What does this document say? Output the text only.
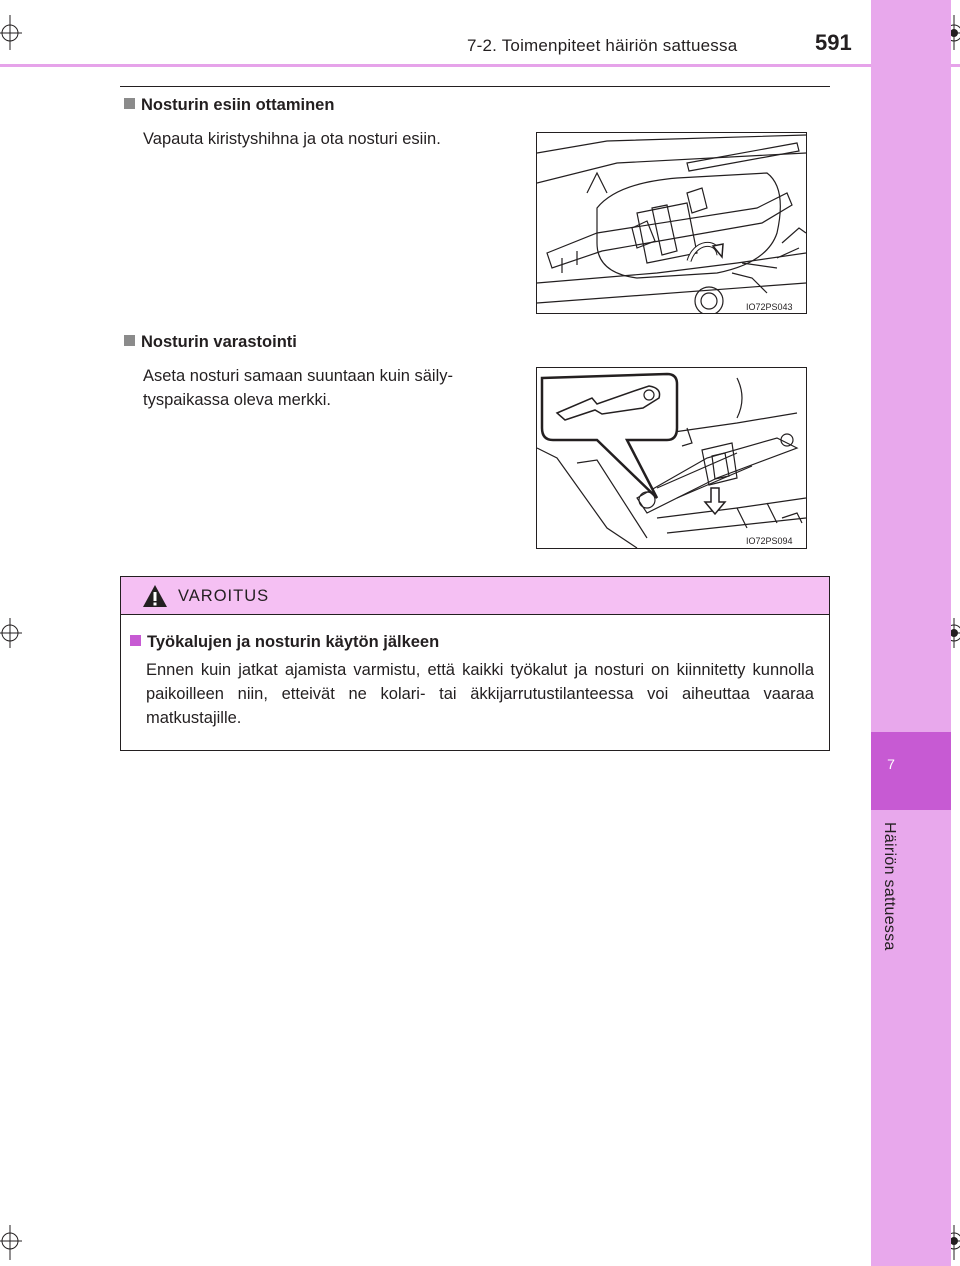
7-2. Toimenpiteet häiriön sattuessa	591
7
Häiriön sattuessa
Nosturin esiin ottaminen
Vapauta kiristyshihna ja ota nosturi esiin.
IO72PS043
Nosturin varastointi
Aseta nosturi samaan suuntaan kuin säily-
tyspaikassa oleva merkki.
IO72PS094
VAROITUS
Työkalujen ja nosturin käytön jälkeen
Ennen kuin jatkat ajamista varmistu, että kaikki työkalut ja nosturi on kiinnitetty kunnolla paikoilleen niin, etteivät ne kolari- tai äkkijarrutustilanteessa voi aiheuttaa vaaraa matkustajille.
